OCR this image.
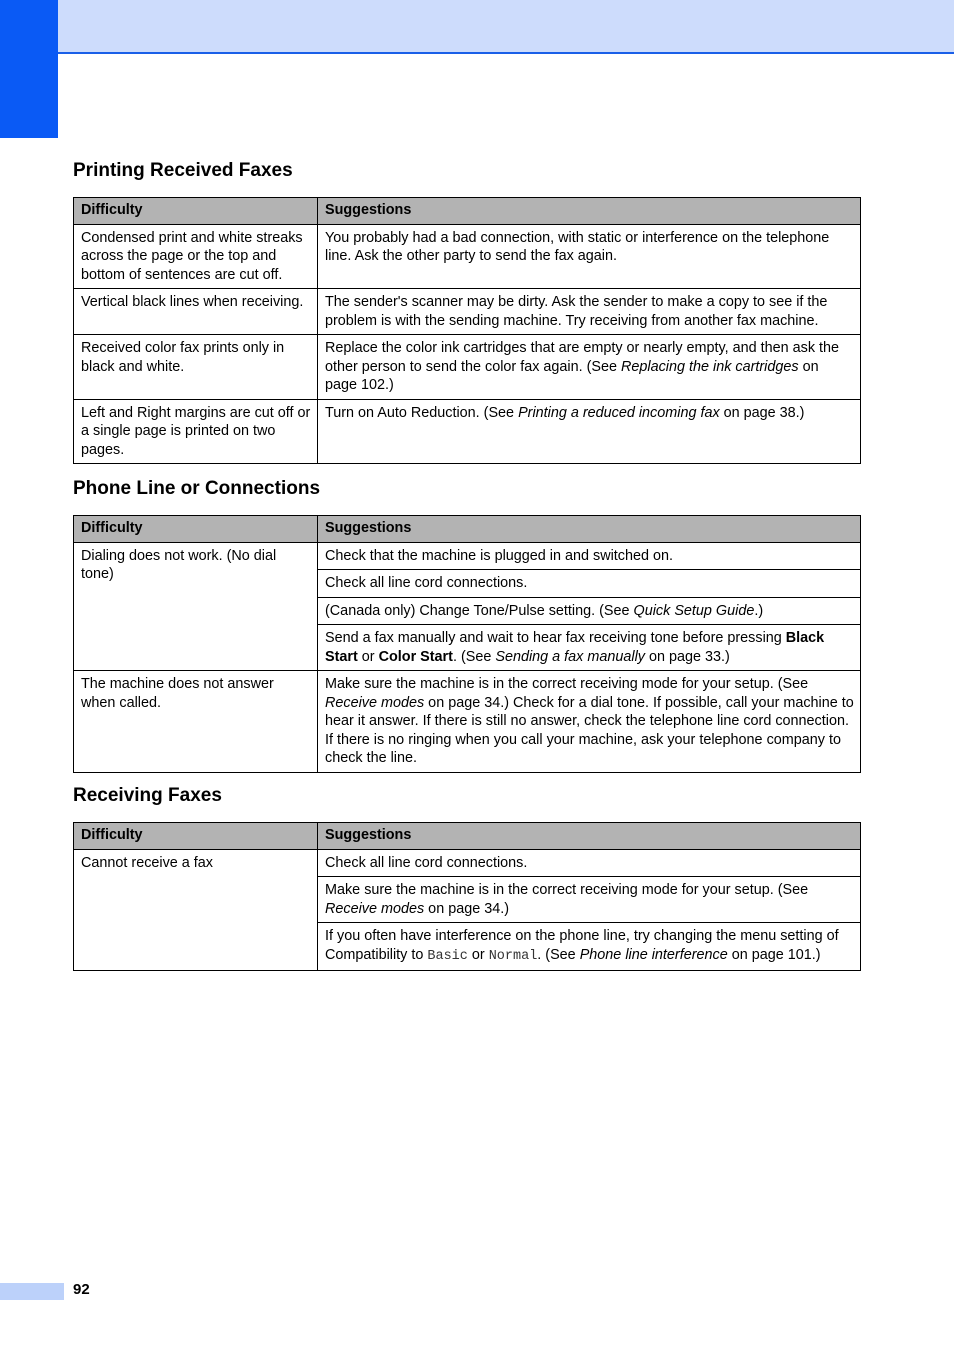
Printing Received Faxes
Difficulty	Suggestions
Condensed print and white streaks across the page or the top and bottom of sentences are cut off.	You probably had a bad connection, with static or interference on the telephone line. Ask the other party to send the fax again.
Vertical black lines when receiving.	The sender's scanner may be dirty. Ask the sender to make a copy to see if the problem is with the sending machine. Try receiving from another fax machine.
Received color fax prints only in black and white.	Replace the color ink cartridges that are empty or nearly empty, and then ask the other person to send the color fax again. (See Replacing the ink cartridges on page 102.)
Left and Right margins are cut off or a single page is printed on two pages.	Turn on Auto Reduction. (See Printing a reduced incoming fax on page 38.)
Phone Line or Connections
Difficulty	Suggestions
Dialing does not work. (No dial tone)	Check that the machine is plugged in and switched on.
	Check all line cord connections.
	(Canada only) Change Tone/Pulse setting. (See Quick Setup Guide.)
	Send a fax manually and wait to hear fax receiving tone before pressing Black Start or Color Start. (See Sending a fax manually on page 33.)
The machine does not answer when called.	Make sure the machine is in the correct receiving mode for your setup. (See Receive modes on page 34.) Check for a dial tone. If possible, call your machine to hear it answer. If there is still no answer, check the telephone line cord connection. If there is no ringing when you call your machine, ask your telephone company to check the line.
Receiving Faxes
Difficulty	Suggestions
Cannot receive a fax	Check all line cord connections.
	Make sure the machine is in the correct receiving mode for your setup. (See Receive modes on page 34.)
	If you often have interference on the phone line, try changing the menu setting of Compatibility to Basic or Normal. (See Phone line interference on page 101.)
92
